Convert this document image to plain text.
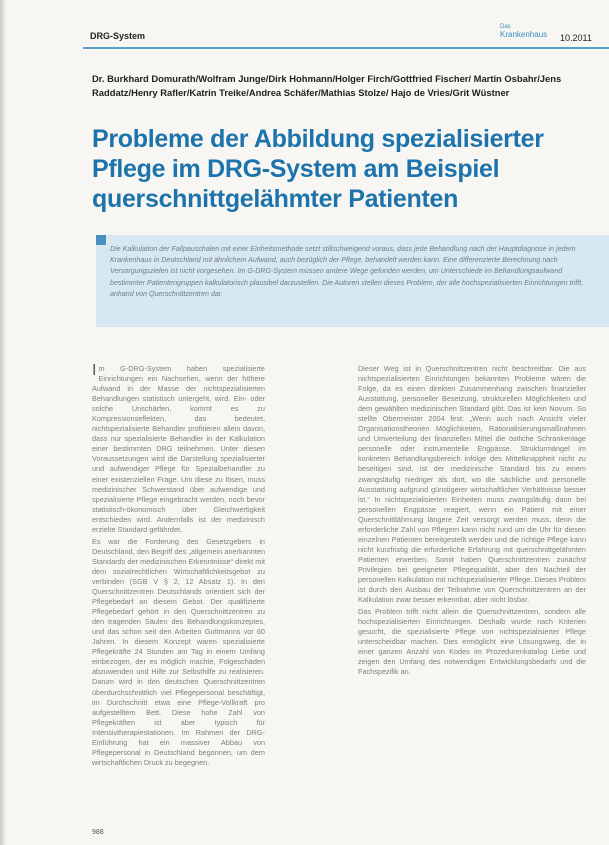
DRG-System
Das
Krankenhaus 10.2011
Dr. Burkhard Domurath/Wolfram Junge/Dirk Hohmann/Holger Firch/Gottfried Fischer/ Martin Osbahr/Jens Raddatz/Henry Rafler/Katrin Treike/Andrea Schäfer/Mathias Stolze/ Hajo de Vries/Grit Wüstner
Probleme der Abbildung spezialisierter Pflege im DRG-System am Beispiel querschnittgelähmter Patienten
Die Kalkulation der Fallpauschalen mit einer Einheitsmethode setzt stillschweigend voraus, dass jede Behandlung nach der Hauptdiagnose in jedem Krankenhaus in Deutschland mit ähnlichem Aufwand, auch bezüglich der Pflege, behandelt werden kann. Eine differenzierte Berechnung nach Versorgungszielen ist nicht vorgesehen. Im G-DRG-System müssen andere Wege gefunden werden, um Unterschiede im Behandlungsaufwand bestimmter Patientengruppen kalkulatorisch plausibel darzustellen. Die Autoren stellen dieses Problem, der alle hochspezialisierten Einrichtungen trifft, anhand von Querschnittzentren dar.

Im G-DRG-System haben spezialisierte Einrichtungen ein Nachsehen, wenn der höhere Aufwand in der Masse der nichtspezialisierten Behandlungen statistisch untergeht, wird. Ein- oder solche Unschärfen, kommt es zu Kompressionseffekten, das bedeutet, nichtspezialisierte Behandler profitieren allein davon, dass nur spezialisierte Behandler in der Kalkulation einer bestimmten DRG teilnehmen. Unter diesen Voraussetzungen wird die Darstellung spezialisierter und aufwendiger Pflege für Spezialbehandler zu einer existenziellen Frage. Um diese zu lösen, muss medizinischer Schwerstand über aufwendige und spezialisierte Pflege eingebracht werden, noch bevor statistisch-ökonomisch über Gleichwertigkeit entschieden wird. Andernfalls ist der medizinisch erzielte Standard gefährdet.

Es war die Forderung des Gesetzgebers in Deutschland, den Begriff des „allgemein anerkannten Standards der medizinischen Erkenntnisse“ direkt mit dem sozialrechtlichen Wirtschaftlichkeitsgebot zu verbinden (SGB V § 2, 12 Absatz 1). In den Querschnittzentren Deutschlands orientiert sich der Pflegebedarf an diesem Gebot. Der qualifizierte Pflegebedarf gehört in den Querschnittzentren zu den tragenden Säulen des Behandlungskonzeptes, und das schon seit den Arbeiten Guttmanns vor 60 Jahren. In diesem Konzept waren spezialisierte Pflegekräfte 24 Stunden am Tag in einem Umfang einbezogen, der es möglich machte, Folgeschäden abzuwenden und Hilfe zur Selbsthilfe zu realisieren. Darum wird in den deutschen Querschnittzentren überdurchschnittlich viel Pflegepersonal beschäftigt, im Durchschnitt etwa eine Pflege-Vollkraft pro aufgestelltem Bett. Diese hohe Zahl von Pflegekräften ist aber typisch für Intensivtherapiestationen. Im Rahmen der DRG-Einführung hat ein massiver Abbau von Pflegepersonal in Deutschland begonnen, um dem wirtschaftlichen Druck zu begegnen.

Dieser Weg ist in Querschnittzentren nicht beschreitbar. Die aus nichtspezialisierten Einrichtungen bekannten Probleme wären die Folge, da es einen direkten Zusammenhang zwischen finanzieller Ausstattung, personeller Besetzung, strukturellen Möglichkeiten und dem gewählten medizinischen Standard gibt. Das ist kein Novum. So stellte Obermeister 2004 fest: „Wenn auch nach Ansicht vieler Organisationstheorien Möglichkeiten, Rationalisierungsmaßnahmen und Umverteilung der finanziellen Mittel die östliche Schrankenlage personelle oder instrumentelle Engpässe. Strukturmängel im konkreten Behandlungsbereich infolge des Mittelknappheit nicht zu beseitigen sind, ist der medizinische Standard bis zu einem zwangsläufig niedriger als dort, wo die sächliche und personelle Ausstattung aufgrund günstigerer wirtschaftlicher Verhältnisse besser ist.“ In nichtspezialisierten Einheiten muss zwangsläufig dann bei personellen Engpässe reagiert, wenn ein Patient mit einer Querschnittlähmung längere Zeit versorgt werden muss, denn die erforderliche Zahl von Pflegern kann nicht rund um die Uhr für diesen einzelnen Patienten bereitgestellt werden und die richtige Pflege kann nicht kurzfristig die erforderliche Erfahrung mit querschnittgelähmten Patienten erwerben. Somit haben Querschnittzentren zunächst Privilegien bei geeigneter Pflegequalität, aber den Nachteil der personellen Kalkulation mit nichtspezialisierter Pflege. Dieses Problem ist durch den Ausbau der Teilnahme von Querschnittzentren an der Kalkulation zwar besser erkennbar, aber nicht lösbar.

Das Problem trifft nicht allein die Querschnittzentren, sondern alle hochspezialisierten Einrichtungen. Deshalb wurde nach Kriterien gesucht, die spezialisierte Pflege von nichtspezialisierter Pflege unterscheidbar machen. Dies ermöglicht eine Lösungsweg, die in einer ganzen Anzahl von Kodes im Prozedurenkatalog Liebe und zeigen den Umfang des notwendigen Entwicklungsbedarfs und die Fachspezifik an.

988
